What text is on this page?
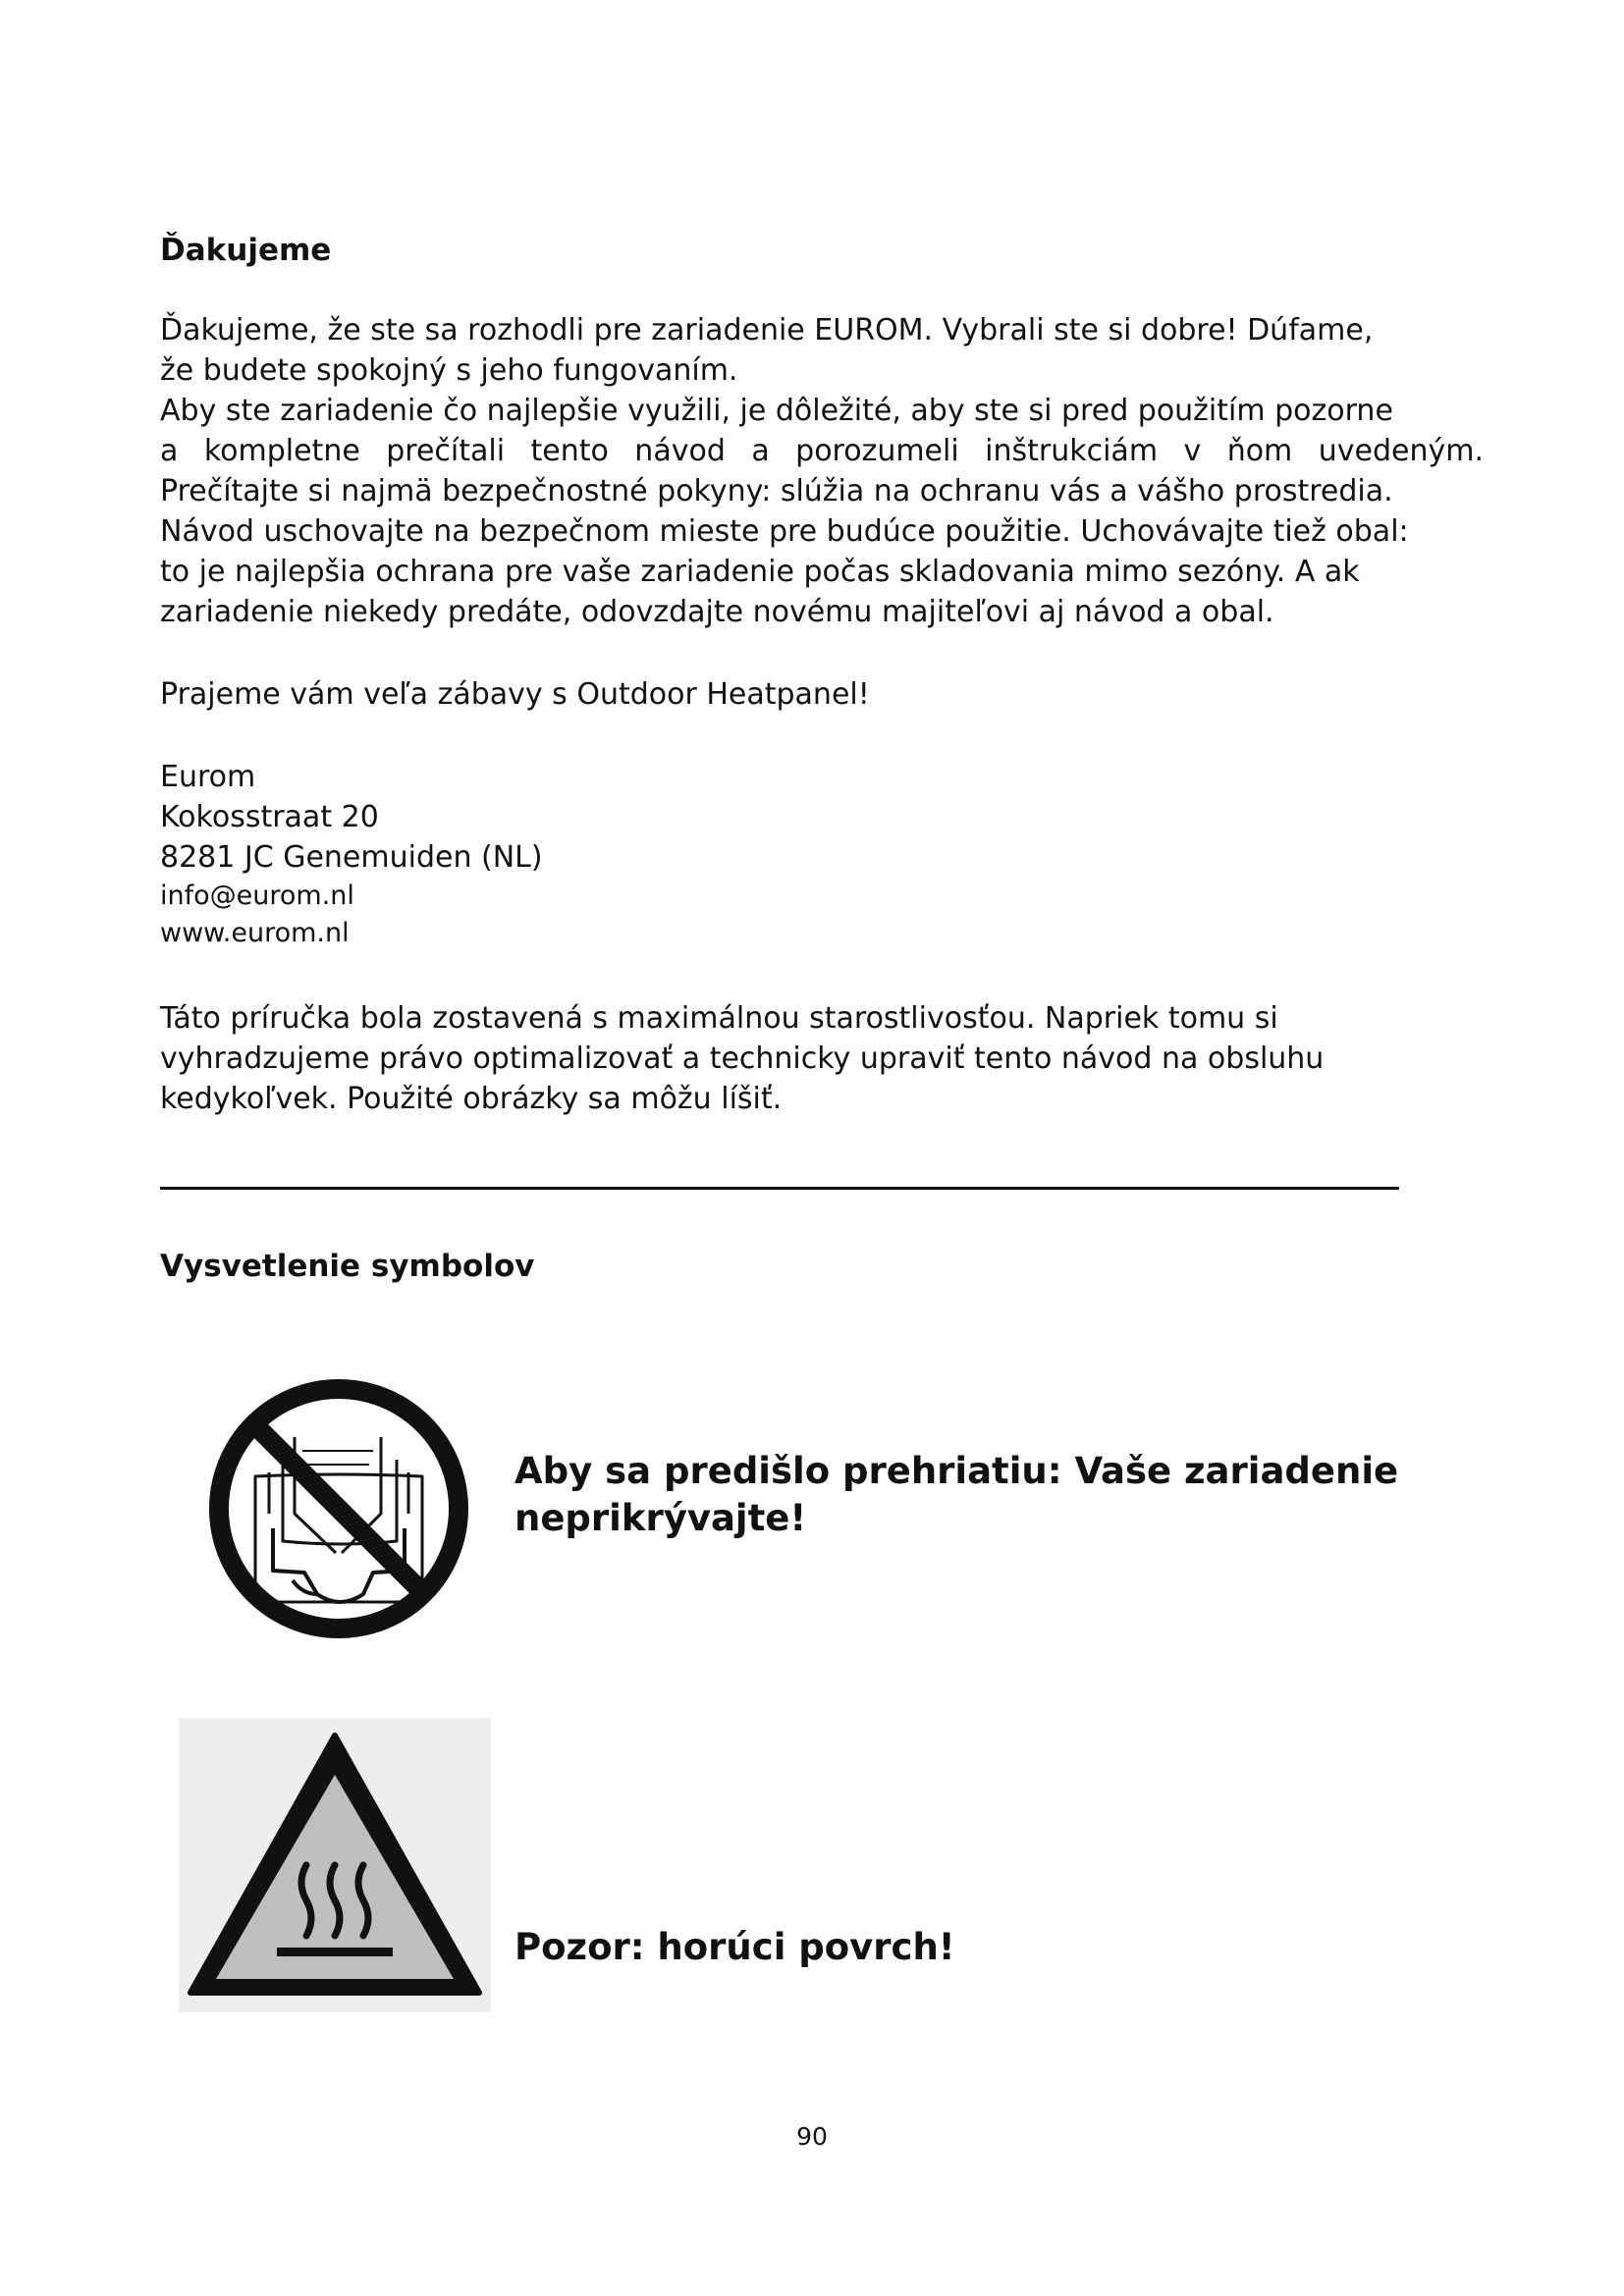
Ďakujeme
Ďakujeme, že ste sa rozhodli pre zariadenie EUROM. Vybrali ste si dobre! Dúfame,
že budete spokojný s jeho fungovaním.
Aby ste zariadenie čo najlepšie využili, je dôležité, aby ste si pred použitím pozorne
a kompletne prečítali tento návod a porozumeli inštrukciám v ňom uvedeným.
Prečítajte si najmä bezpečnostné pokyny: slúžia na ochranu vás a vášho prostredia.
Návod uschovajte na bezpečnom mieste pre budúce použitie. Uchovávajte tiež obal:
to je najlepšia ochrana pre vaše zariadenie počas skladovania mimo sezóny. A ak
zariadenie niekedy predáte, odovzdajte novému majiteľovi aj návod a obal.

Prajeme vám veľa zábavy s Outdoor Heatpanel!

Eurom
Kokosstraat 20
8281 JC Genemuiden (NL)
info@eurom.nl
www.eurom.nl
Táto príručka bola zostavená s maximálnou starostlivosťou. Napriek tomu si
vyhradzujeme právo optimalizovať a technicky upraviť tento návod na obsluhu
kedykoľvek. Použité obrázky sa môžu líšiť.
Vysvetlenie symbolov
Aby sa predišlo prehriatiu: Vaše zariadenie
neprikrývajte!
Pozor: horúci povrch!
90
